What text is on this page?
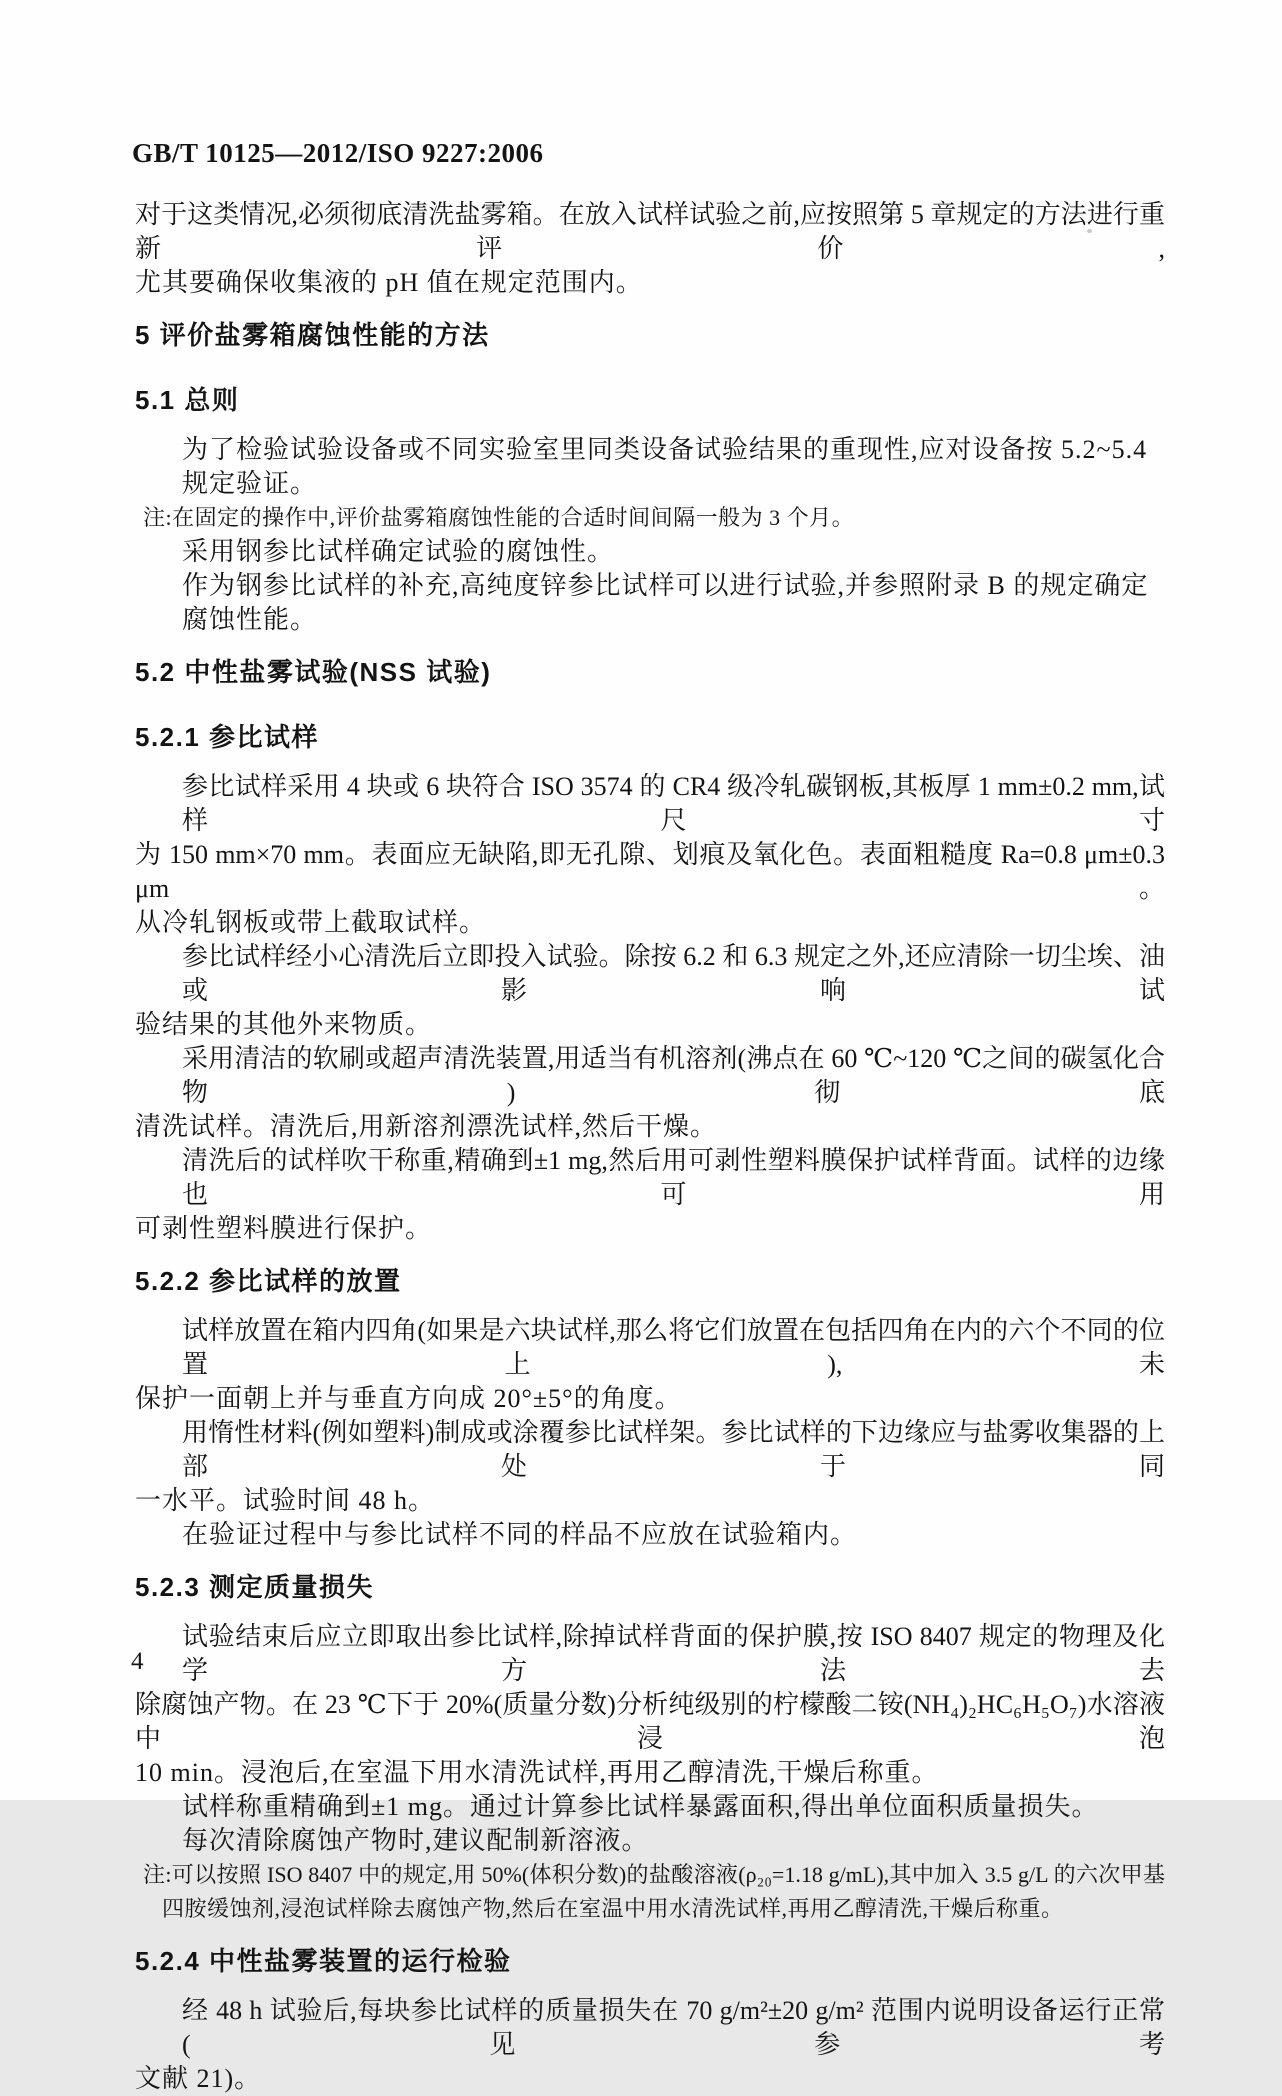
GB/T 10125—2012/ISO 9227:2006
对于这类情况,必须彻底清洗盐雾箱。在放入试样试验之前,应按照第 5 章规定的方法进行重新评价,
尤其要确保收集液的 pH 值在规定范围内。
5 评价盐雾箱腐蚀性能的方法
5.1 总则
为了检验试验设备或不同实验室里同类设备试验结果的重现性,应对设备按 5.2~5.4 规定验证。
注:在固定的操作中,评价盐雾箱腐蚀性能的合适时间间隔一般为 3 个月。
采用钢参比试样确定试验的腐蚀性。
作为钢参比试样的补充,高纯度锌参比试样可以进行试验,并参照附录 B 的规定确定腐蚀性能。
5.2 中性盐雾试验(NSS 试验)
5.2.1 参比试样
参比试样采用 4 块或 6 块符合 ISO 3574 的 CR4 级冷轧碳钢板,其板厚 1 mm±0.2 mm,试样尺寸
为 150 mm×70 mm。表面应无缺陷,即无孔隙、划痕及氧化色。表面粗糙度 Ra=0.8 μm±0.3 μm。
从冷轧钢板或带上截取试样。
参比试样经小心清洗后立即投入试验。除按 6.2 和 6.3 规定之外,还应清除一切尘埃、油或影响试
验结果的其他外来物质。
采用清洁的软刷或超声清洗装置,用适当有机溶剂(沸点在 60 ℃~120 ℃之间的碳氢化合物)彻底
清洗试样。清洗后,用新溶剂漂洗试样,然后干燥。
清洗后的试样吹干称重,精确到±1 mg,然后用可剥性塑料膜保护试样背面。试样的边缘也可用
可剥性塑料膜进行保护。
5.2.2 参比试样的放置
试样放置在箱内四角(如果是六块试样,那么将它们放置在包括四角在内的六个不同的位置上),未
保护一面朝上并与垂直方向成 20°±5°的角度。
用惰性材料(例如塑料)制成或涂覆参比试样架。参比试样的下边缘应与盐雾收集器的上部处于同
一水平。试验时间 48 h。
在验证过程中与参比试样不同的样品不应放在试验箱内。
5.2.3 测定质量损失
试验结束后应立即取出参比试样,除掉试样背面的保护膜,按 ISO 8407 规定的物理及化学方法去
除腐蚀产物。在 23 ℃下于 20%(质量分数)分析纯级别的柠檬酸二铵(NH₄)₂HC₆H₅O₇)水溶液中浸泡
10 min。浸泡后,在室温下用水清洗试样,再用乙醇清洗,干燥后称重。
试样称重精确到±1 mg。通过计算参比试样暴露面积,得出单位面积质量损失。
每次清除腐蚀产物时,建议配制新溶液。
注:可以按照 ISO 8407 中的规定,用 50%(体积分数)的盐酸溶液(ρ₂₀=1.18 g/mL),其中加入 3.5 g/L 的六次甲基
四胺缓蚀剂,浸泡试样除去腐蚀产物,然后在室温中用水清洗试样,再用乙醇清洗,干燥后称重。
5.2.4 中性盐雾装置的运行检验
经 48 h 试验后,每块参比试样的质量损失在 70 g/m²±20 g/m² 范围内说明设备运行正常(见参考
文献 21)。
4
